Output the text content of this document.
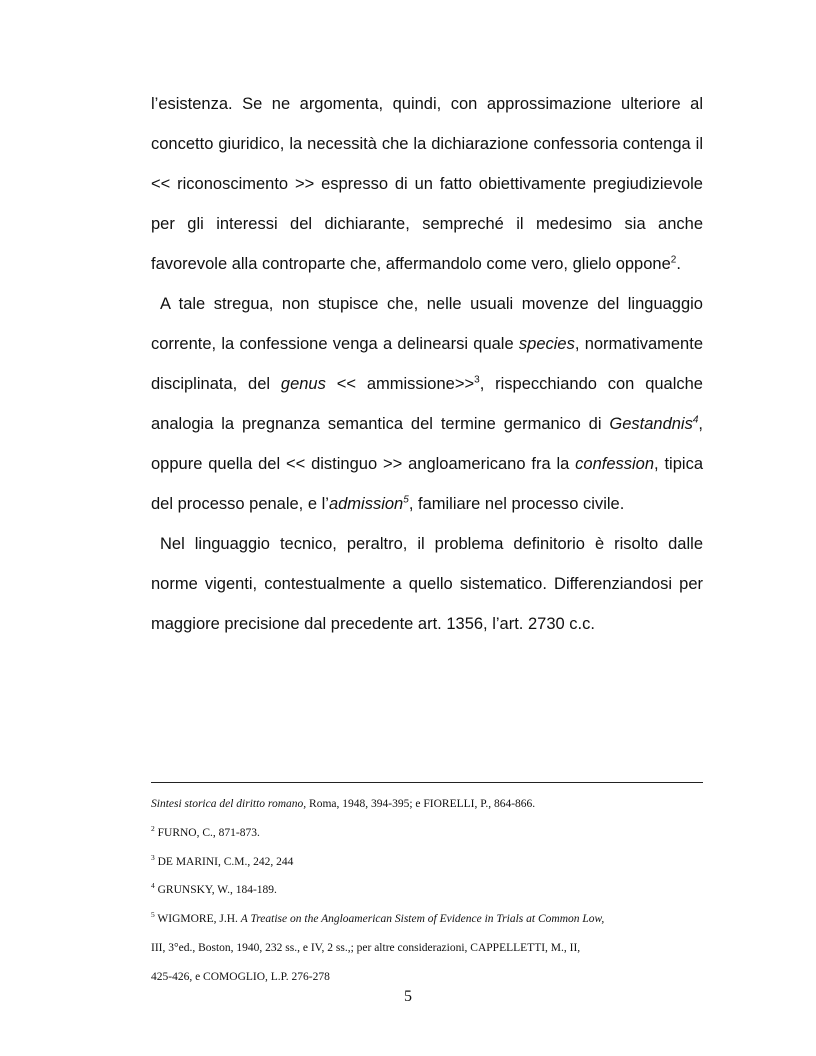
l’esistenza. Se ne argomenta, quindi, con approssimazione ulteriore al concetto giuridico, la necessità che la dichiarazione confessoria contenga il << riconoscimento >> espresso di un fatto obiettivamente pregiudizievole per gli interessi del dichiarante, sempreché il medesimo sia anche favorevole alla controparte che, affermandolo come vero, glielo oppone$^2$.

A tale stregua, non stupisce che, nelle usuali movenze del linguaggio corrente, la confessione venga a delinearsi quale species, normativamente disciplinata, del genus << ammissione>>$^3$, rispecchiando con qualche analogia la pregnanza semantica del termine germanico di Gestandnis$^4$, oppure quella del << distinguo >> angloamericano fra la confession, tipica del processo penale, e l’admission$^5$, familiare nel processo civile.

Nel linguaggio tecnico, peraltro, il problema definitorio è risolto dalle norme vigenti, contestualmente a quello sistematico. Differenziandosi per maggiore precisione dal precedente art. 1356, l’art. 2730 c.c.

Sintesi storica del diritto romano, Roma, 1948, 394-395; e FIORELLI, P., 864-866.
$^2$ FURNO, C., 871-873.
$^3$ DE MARINI, C.M., 242, 244
$^4$ GRUNSKY, W., 184-189.
$^5$ WIGMORE, J.H. A Treatise on the Angloamerican Sistem of Evidence in Trials at Common Low,
III, 3°ed., Boston, 1940, 232 ss., e IV, 2 ss.,; per altre considerazioni, CAPPELLETTI, M., II,
425-426, e COMOGLIO, L.P. 276-278
5
